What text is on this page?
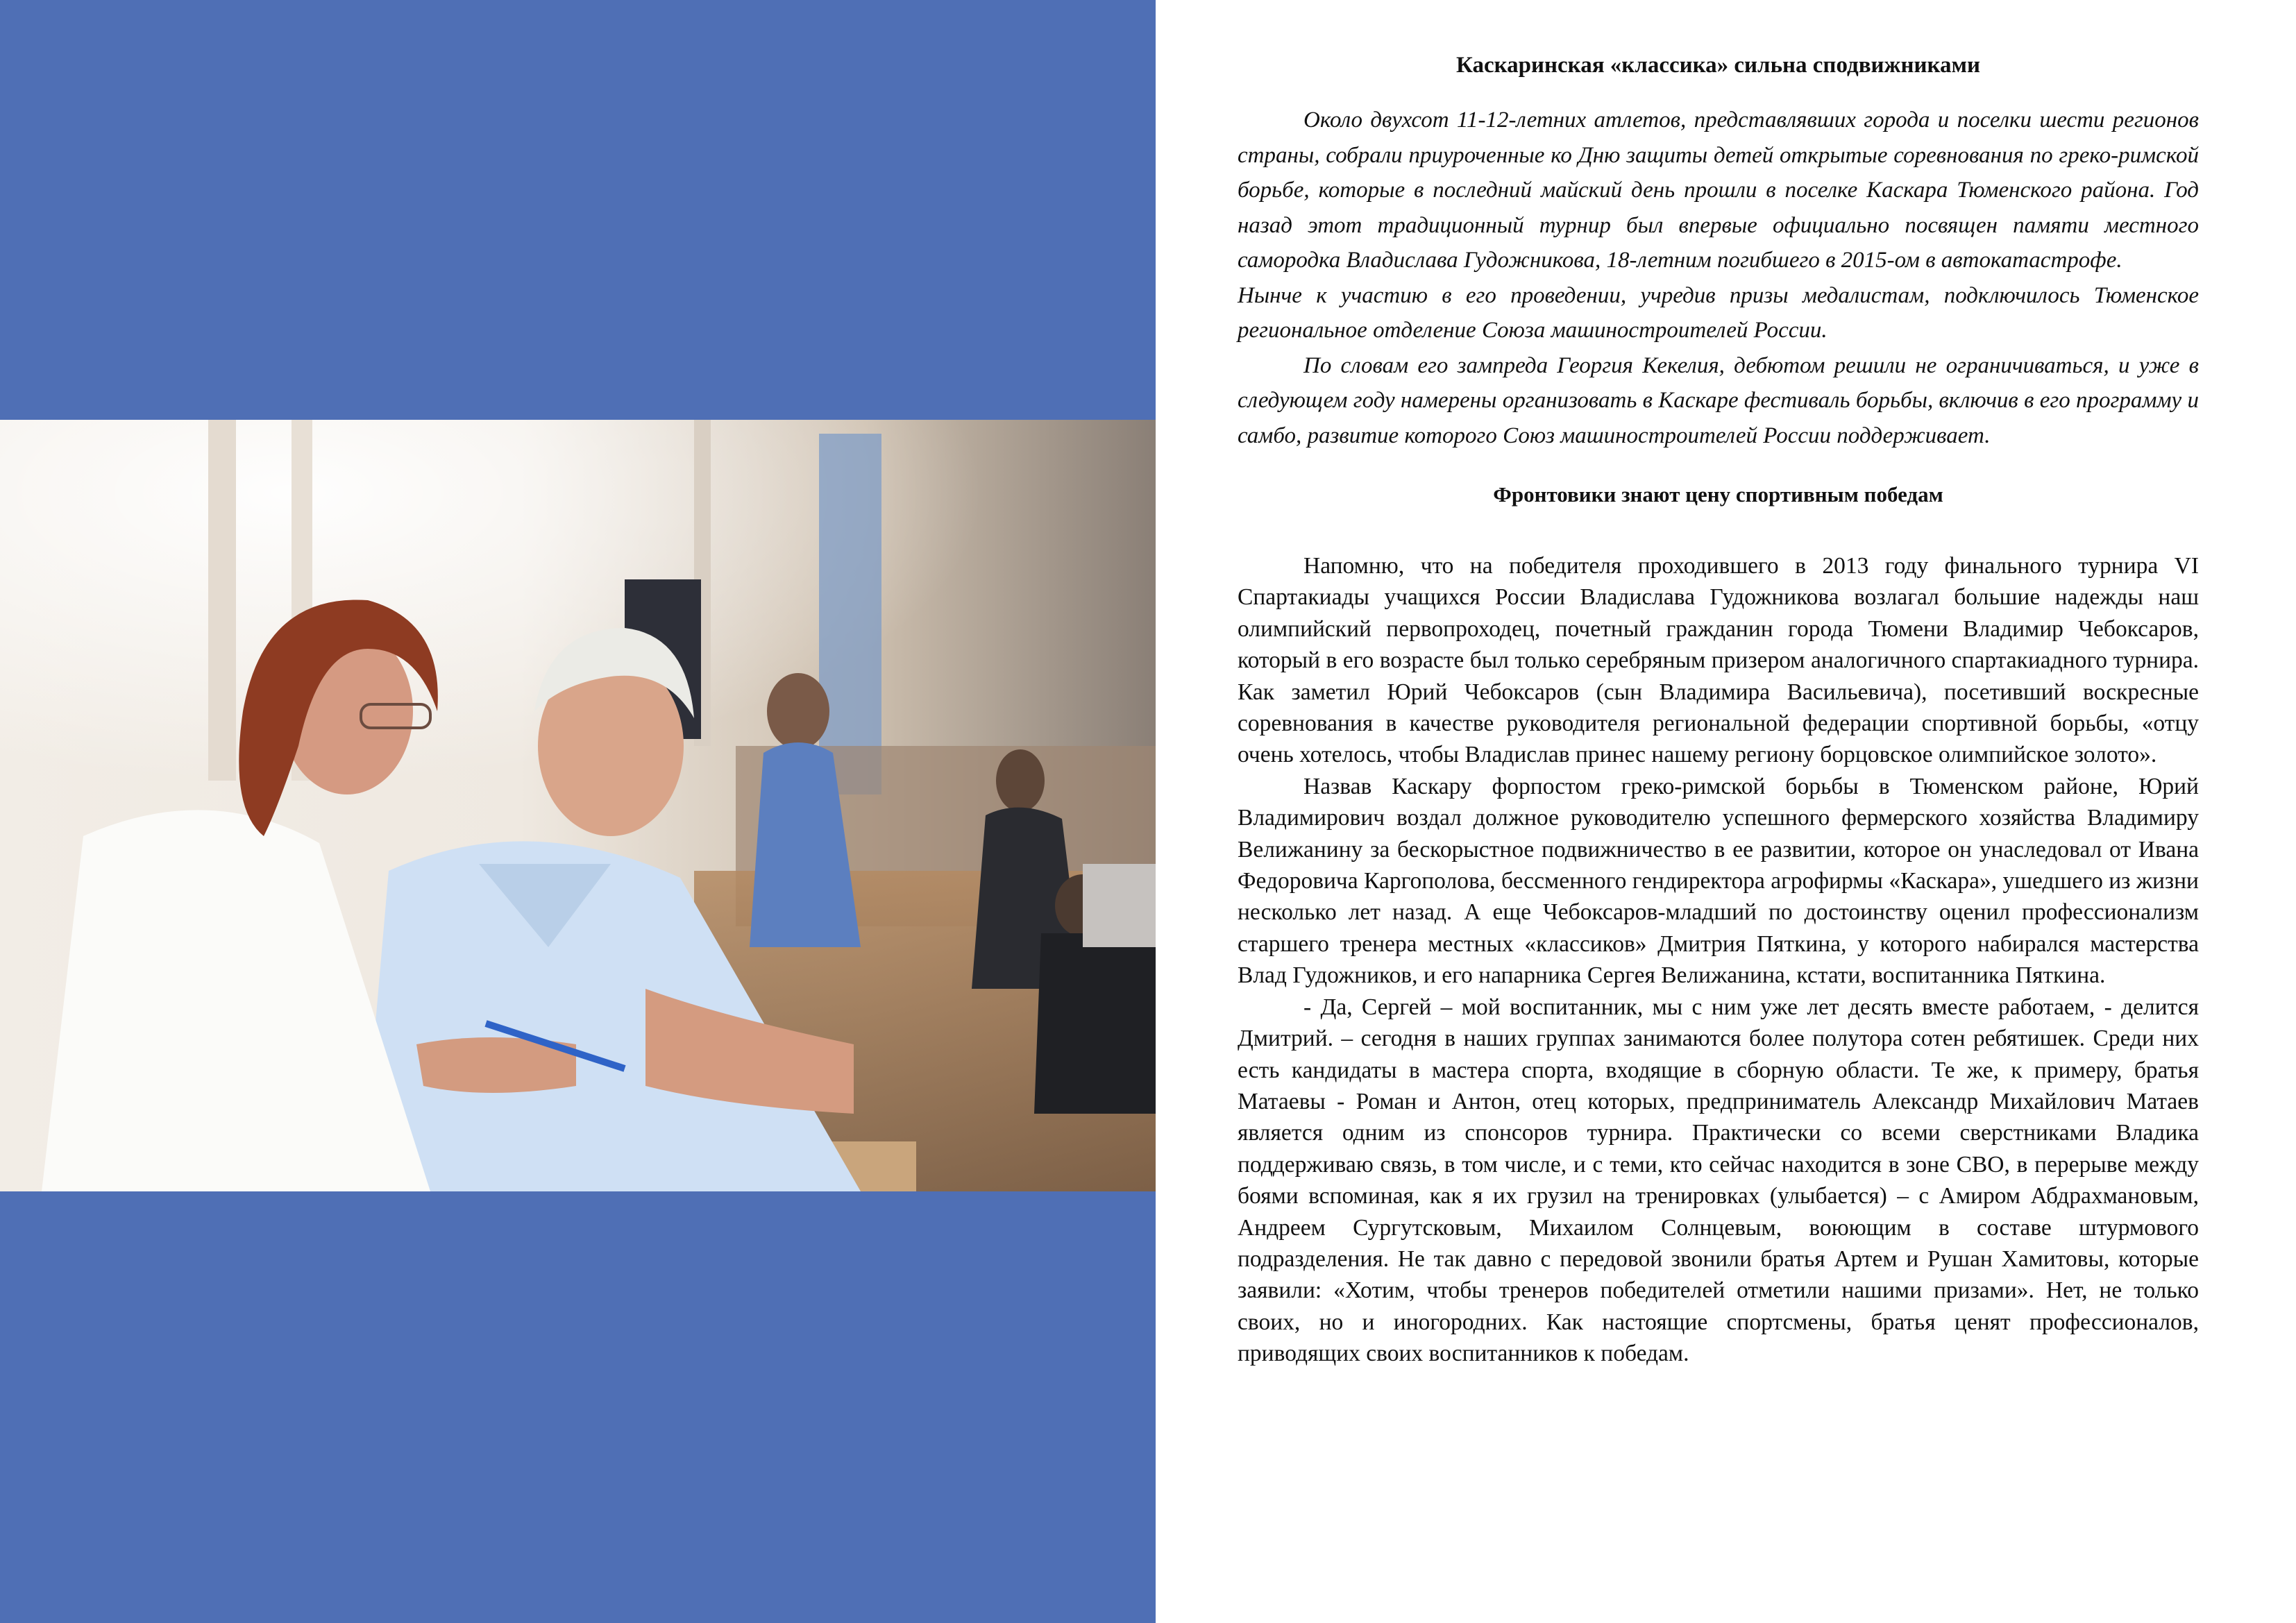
Каскаринская «классика» сильна сподвижниками

Около двухсот 11-12-летних атлетов, представлявших города и поселки шести регионов страны, собрали приуроченные ко Дню защиты детей открытые соревнования по греко-римской борьбе, которые в последний майский день прошли в поселке Каскара Тюменского района. Год назад этот традиционный турнир был впервые официально посвящен памяти местного самородка Владислава Гудожникова, 18-летним погибшего в 2015-ом в автокатастрофе.

Нынче к участию в его проведении, учредив призы медалистам, подключилось Тюменское региональное отделение Союза машиностроителей России.

По словам его зампреда Георгия Кекелия, дебютом решили не ограничиваться, и уже в следующем году намерены организовать в Каскаре фестиваль борьбы, включив в его программу и самбо, развитие которого Союз машиностроителей России поддерживает.

Фронтовики знают цену спортивным победам

Напомню, что на победителя проходившего в 2013 году финального турнира VI Спартакиады учащихся России Владислава Гудожникова возлагал большие надежды наш олимпийский первопроходец, почетный гражданин города Тюмени Владимир Чебоксаров, который в его возрасте был только серебряным призером аналогичного спартакиадного турнира. Как заметил Юрий Чебоксаров (сын Владимира Васильевича), посетивший воскресные соревнования в качестве руководителя региональной федерации спортивной борьбы, «отцу очень хотелось, чтобы Владислав принес нашему региону борцовское олимпийское золото».

Назвав Каскару форпостом греко-римской борьбы в Тюменском районе, Юрий Владимирович воздал должное руководителю успешного фермерского хозяйства Владимиру Велижанину за бескорыстное подвижничество в ее развитии, которое он унаследовал от Ивана Федоровича Каргополова, бессменного гендиректора агрофирмы «Каскара», ушедшего из жизни несколько лет назад. А еще Чебоксаров-младший по достоинству оценил профессионализм старшего тренера местных «классиков» Дмитрия Пяткина, у которого набирался мастерства Влад Гудожников, и его напарника Сергея Велижанина, кстати, воспитанника Пяткина.

- Да, Сергей – мой воспитанник, мы с ним уже лет десять вместе работаем, - делится Дмитрий. – сегодня в наших группах занимаются более полутора сотен ребятишек. Среди них есть кандидаты в мастера спорта, входящие в сборную области. Те же, к примеру, братья Матаевы - Роман и Антон, отец которых, предприниматель Александр Михайлович Матаев является одним из спонсоров турнира. Практически со всеми сверстниками Владика поддерживаю связь, в том числе, и с теми, кто сейчас находится в зоне СВО, в перерыве между боями вспоминая, как я их грузил на тренировках (улыбается) – с Амиром Абдрахмановым, Андреем Сургутсковым, Михаилом Солнцевым, воюющим в составе штурмового подразделения. Не так давно с передовой звонили братья Артем и Рушан Хамитовы, которые заявили: «Хотим, чтобы тренеров победителей отметили нашими призами». Нет, не только своих, но и иногородних. Как настоящие спортсмены, братья ценят профессионалов, приводящих своих воспитанников к победам.
